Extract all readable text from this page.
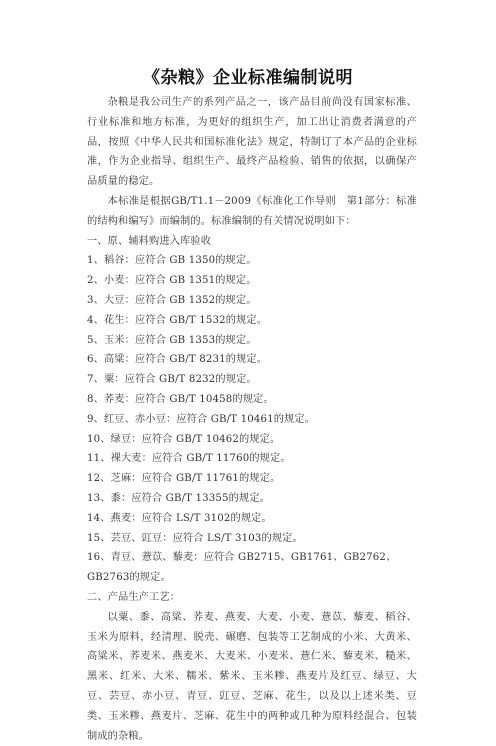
《杂粮》企业标准编制说明

杂粮是我公司生产的系列产品之一，该产品目前尚没有国家标准、行业标准和地方标准，为更好的组织生产，加工出让消费者满意的产品，按照《中华人民共和国标准化法》规定，特制订了本产品的企业标准，作为企业指导、组织生产、最终产品检验、销售的依据，以确保产品质量的稳定。

本标准是根据GB/T1.1－2009《标准化工作导则　第1部分：标准的结构和编写》而编制的。标准编制的有关情况说明如下：

一、原、辅料购进入库验收

1、稻谷：应符合 GB 1350的规定。

2、小麦：应符合 GB 1351的规定。

3、大豆：应符合 GB 1352的规定。

4、花生：应符合 GB/T 1532的规定。

5、玉米：应符合 GB 1353的规定。

6、高粱：应符合 GB/T 8231的规定。

7、粟：应符合 GB/T 8232的规定。

8、荞麦：应符合 GB/T 10458的规定。

9、红豆、赤小豆：应符合 GB/T 10461的规定。

10、绿豆：应符合 GB/T 10462的规定。

11、裸大麦：应符合 GB/T 11760的规定。

12、芝麻：应符合 GB/T 11761的规定。

13、黍：应符合 GB/T 13355的规定。

14、燕麦：应符合 LS/T 3102的规定。

15、芸豆、豇豆：应符合 LS/T 3103的规定。

16、青豆、薏苡、藜麦：应符合 GB2715、GB1761、GB2762、GB2763的规定。

二、产品生产工艺：

以粟、黍、高粱、荞麦、燕麦、大麦、小麦、薏苡、藜麦、稻谷、玉米为原料，经清理、脱壳、碾磨、包装等工艺制成的小米、大黄米、高粱米、荞麦米、燕麦米、大麦米、小麦米、薏仁米、藜麦米、糙米、黑米、红米、大米、糯米、紫米、玉米糁、燕麦片及红豆、绿豆、大豆、芸豆、赤小豆、青豆、豇豆、芝麻、花生，以及以上述米类、豆类、玉米糁、燕麦片、芝麻、花生中的两种或几种为原料经混合、包装制成的杂粮。
